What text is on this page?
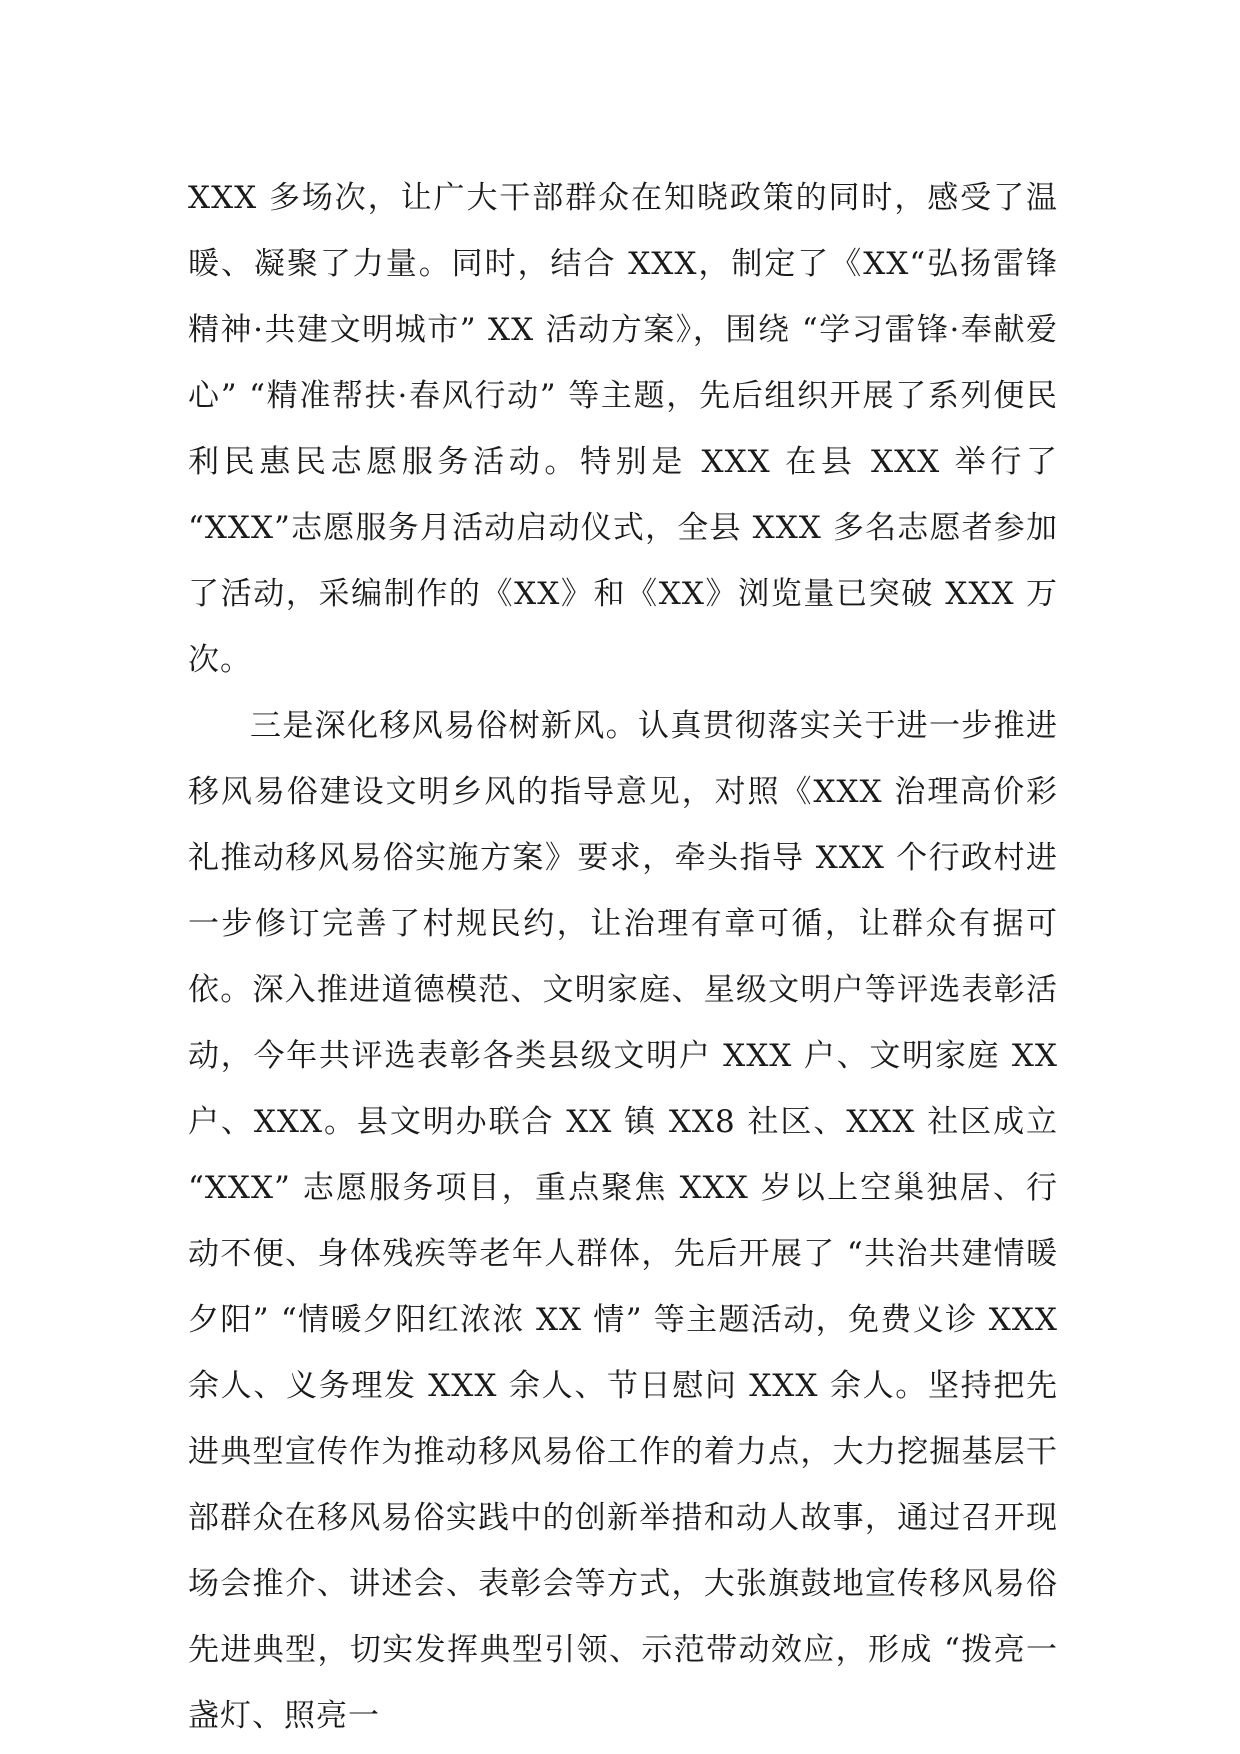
XXX 多场次，让广大干部群众在知晓政策的同时，感受了温暖、凝聚了力量。同时，结合 XXX，制定了《XX“弘扬雷锋精神·共建文明城市” XX 活动方案》，围绕 “学习雷锋·奉献爱心” “精准帮扶·春风行动” 等主题，先后组织开展了系列便民利民惠民志愿服务活动。特别是 XXX 在县 XXX 举行了 “XXX”志愿服务月活动启动仪式，全县 XXX 多名志愿者参加了活动，采编制作的《XX》和《XX》浏览量已突破 XXX 万次。

三是深化移风易俗树新风。认真贯彻落实关于进一步推进移风易俗建设文明乡风的指导意见，对照《XXX 治理高价彩礼推动移风易俗实施方案》要求，牵头指导 XXX 个行政村进一步修订完善了村规民约，让治理有章可循，让群众有据可依。深入推进道德模范、文明家庭、星级文明户等评选表彰活动，今年共评选表彰各类县级文明户 XXX 户、文明家庭 XX 户、XXX。县文明办联合 XX 镇 XX8 社区、XXX 社区成立 “XXX” 志愿服务项目，重点聚焦 XXX 岁以上空巢独居、行动不便、身体残疾等老年人群体，先后开展了 “共治共建情暖夕阳” “情暖夕阳红浓浓 XX 情” 等主题活动，免费义诊 XXX 余人、义务理发 XXX 余人、节日慰问 XXX 余人。坚持把先进典型宣传作为推动移风易俗工作的着力点，大力挖掘基层干部群众在移风易俗实践中的创新举措和动人故事，通过召开现场会推介、讲述会、表彰会等方式，大张旗鼓地宣传移风易俗先进典型，切实发挥典型引领、示范带动效应，形成 “拨亮一盏灯、照亮一
